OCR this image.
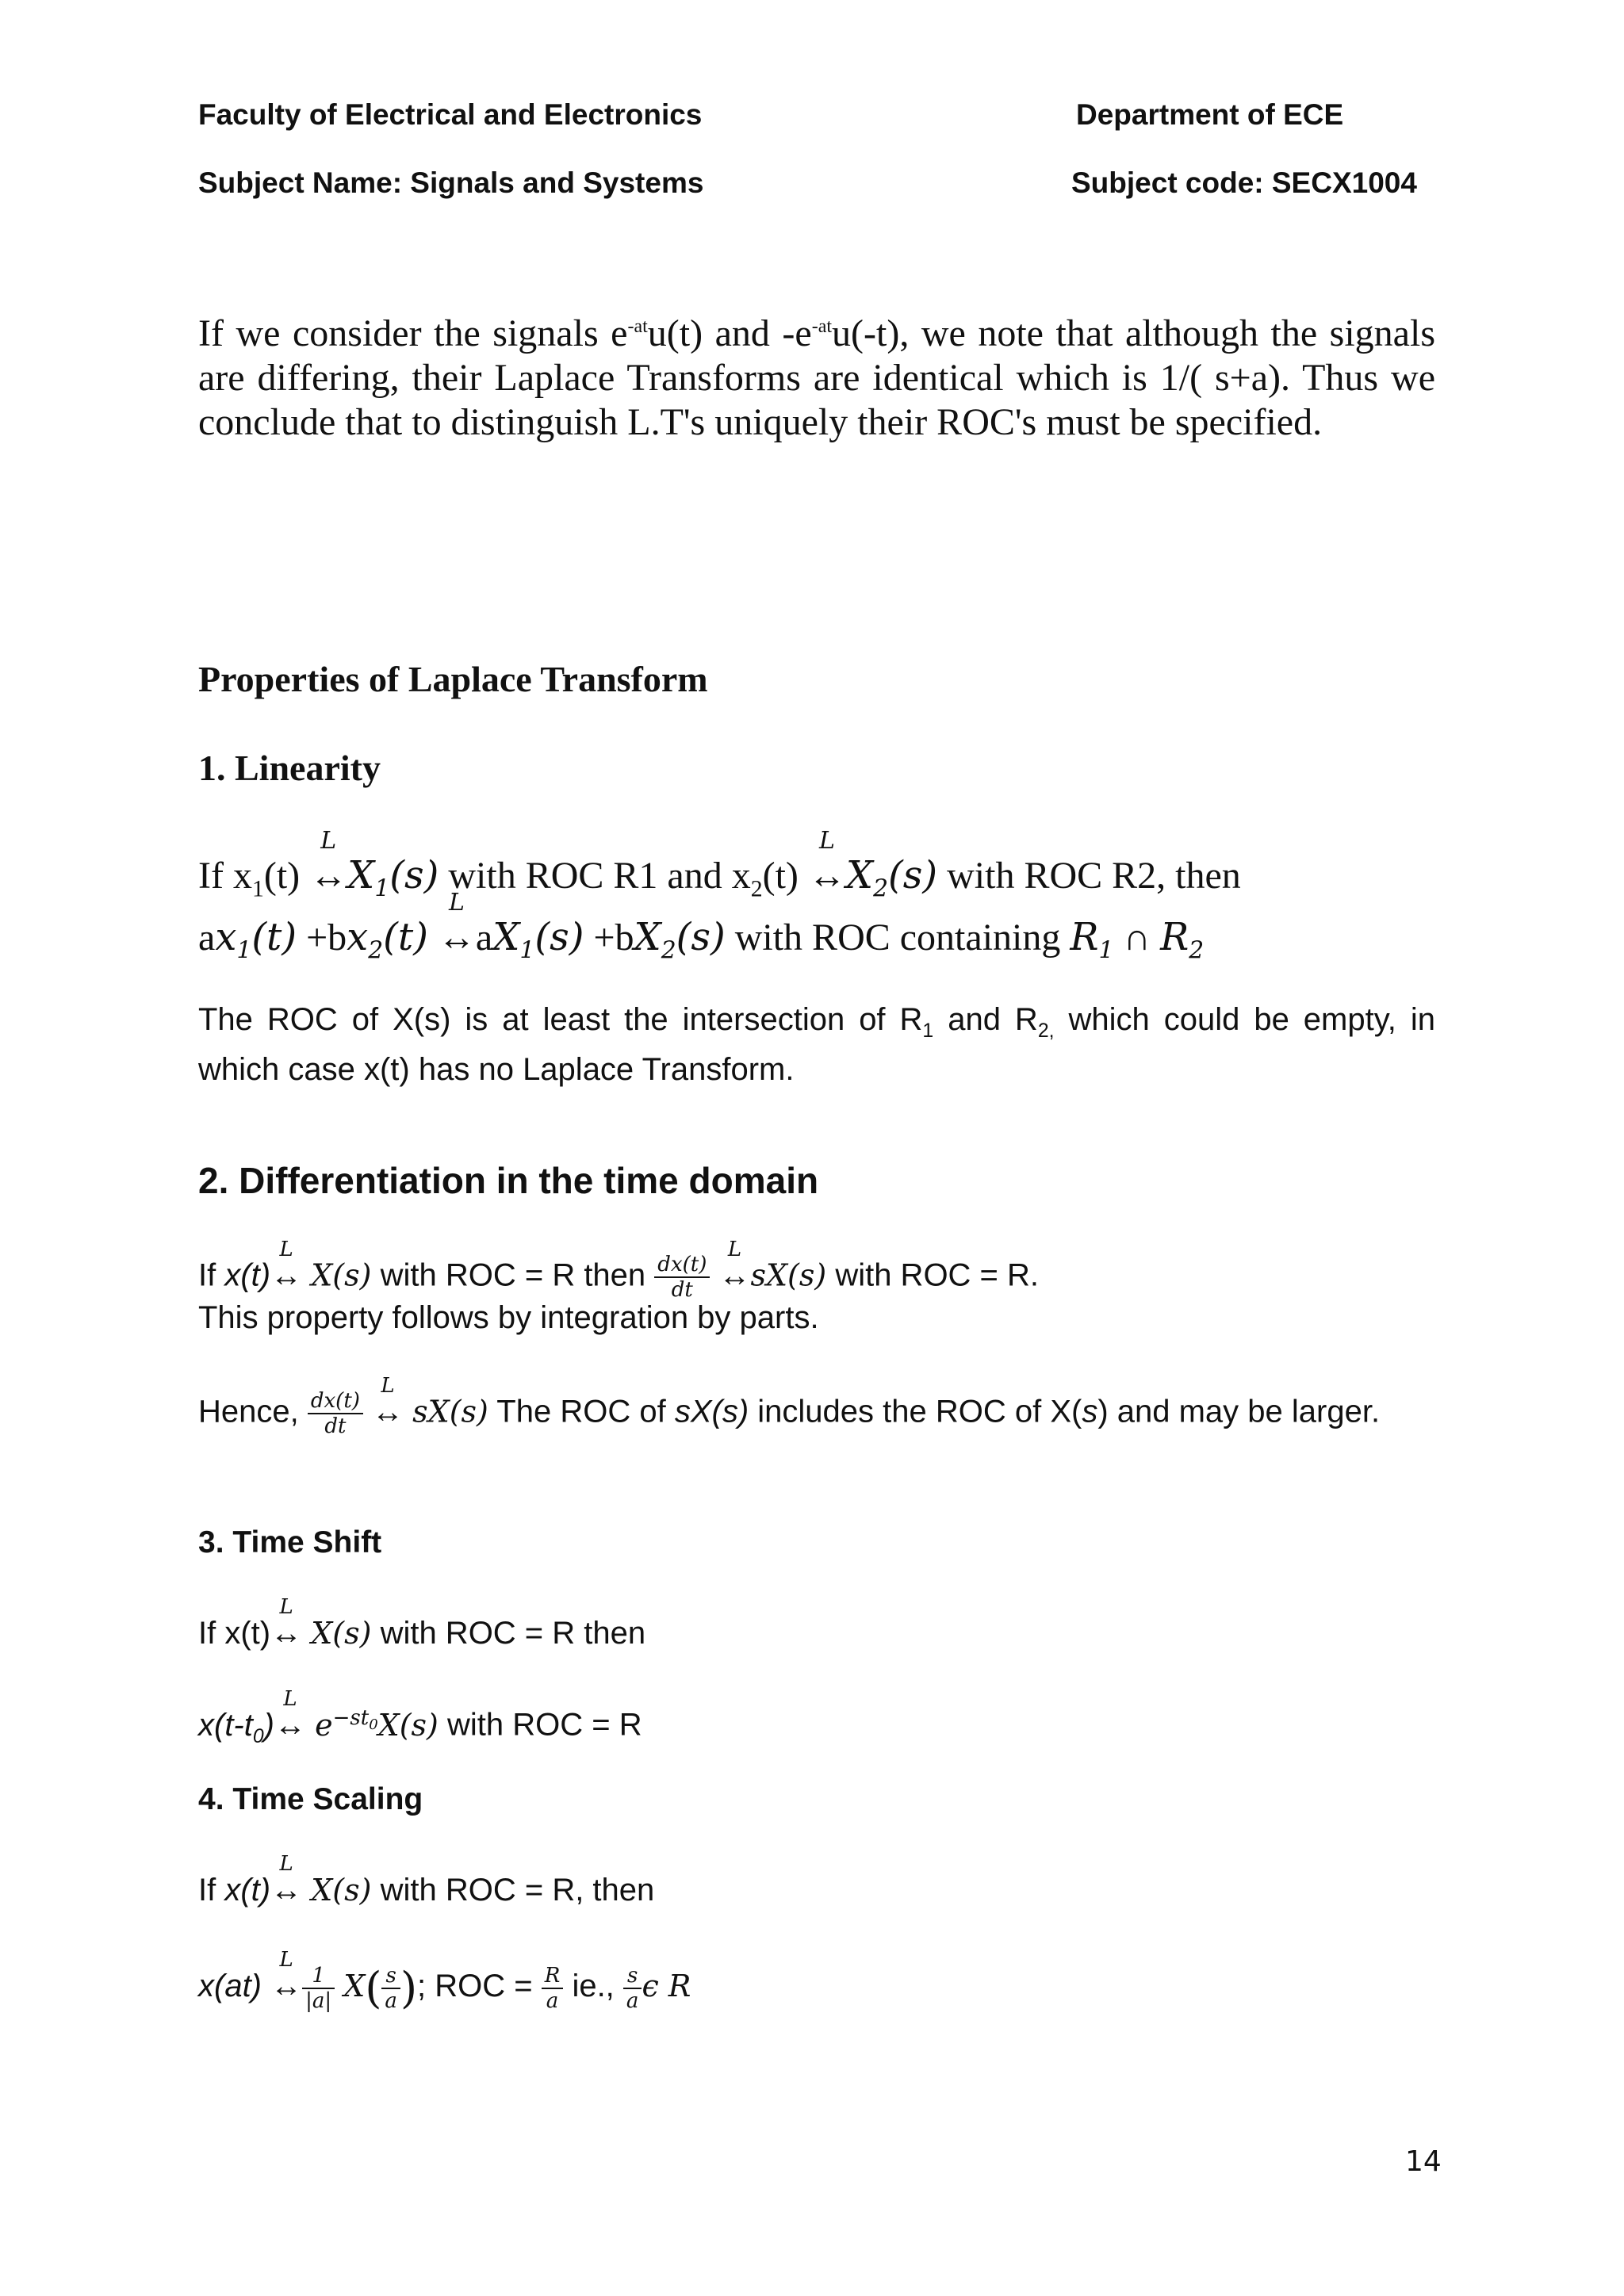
Faculty of Electrical and Electronics	Department of ECE
Subject Name: Signals and Systems	Subject code: SECX1004
If we consider the signals $e^{-at}u(t)$ and $-e^{-at}u(-t)$, we note that although the signals
are differing, their Laplace Transforms are identical which is 1/( s+a). Thus we
conclude that to distinguish L.T's uniquely their ROC's must be specified.
Properties of Laplace Transform
1. Linearity
If $x_1(t)$ ↔
L
$X_1(s)$ with ROC R1 and $x_2(t)$ ↔
L
$X_2(s)$ with ROC R2, then
$ax_1(t) +bx_2(t)$ ↔
L
$aX_1(s) +bX_2(s)$ with ROC containing $R_1$ ∩ $R_2$
The ROC of X(s) is at least the intersection of $R_1$ and $R_{2,}$ which could be empty, in
which case x(t) has no Laplace Transform.
2. Differentiation in the time domain
If x(t)↔
L
X(s) with ROC = R then $\frac{dx(t)}{dt}$ ↔
L
sX(s) with ROC = R.
This property follows by integration by parts.
Hence, $\frac{dx(t)}{dt}$ ↔
L
sX(s) The ROC of sX(s) includes the ROC of X(s) and may be larger.
3. Time Shift
If x(t)↔
L
X(s) with ROC = R then
$x(t-t_0)\leftrightarrow$
L
$e^{-st_0}X(s)$ with ROC = R
4. Time Scaling
If x(t)↔
L
X(s) with ROC = R, then
x(at) ↔
L
$\frac{1}{|a|} X( \frac{s}{a}$ ); ROC = $\frac{R}{a}$ ie., $\frac{s}{a}$ ϵ R
14
